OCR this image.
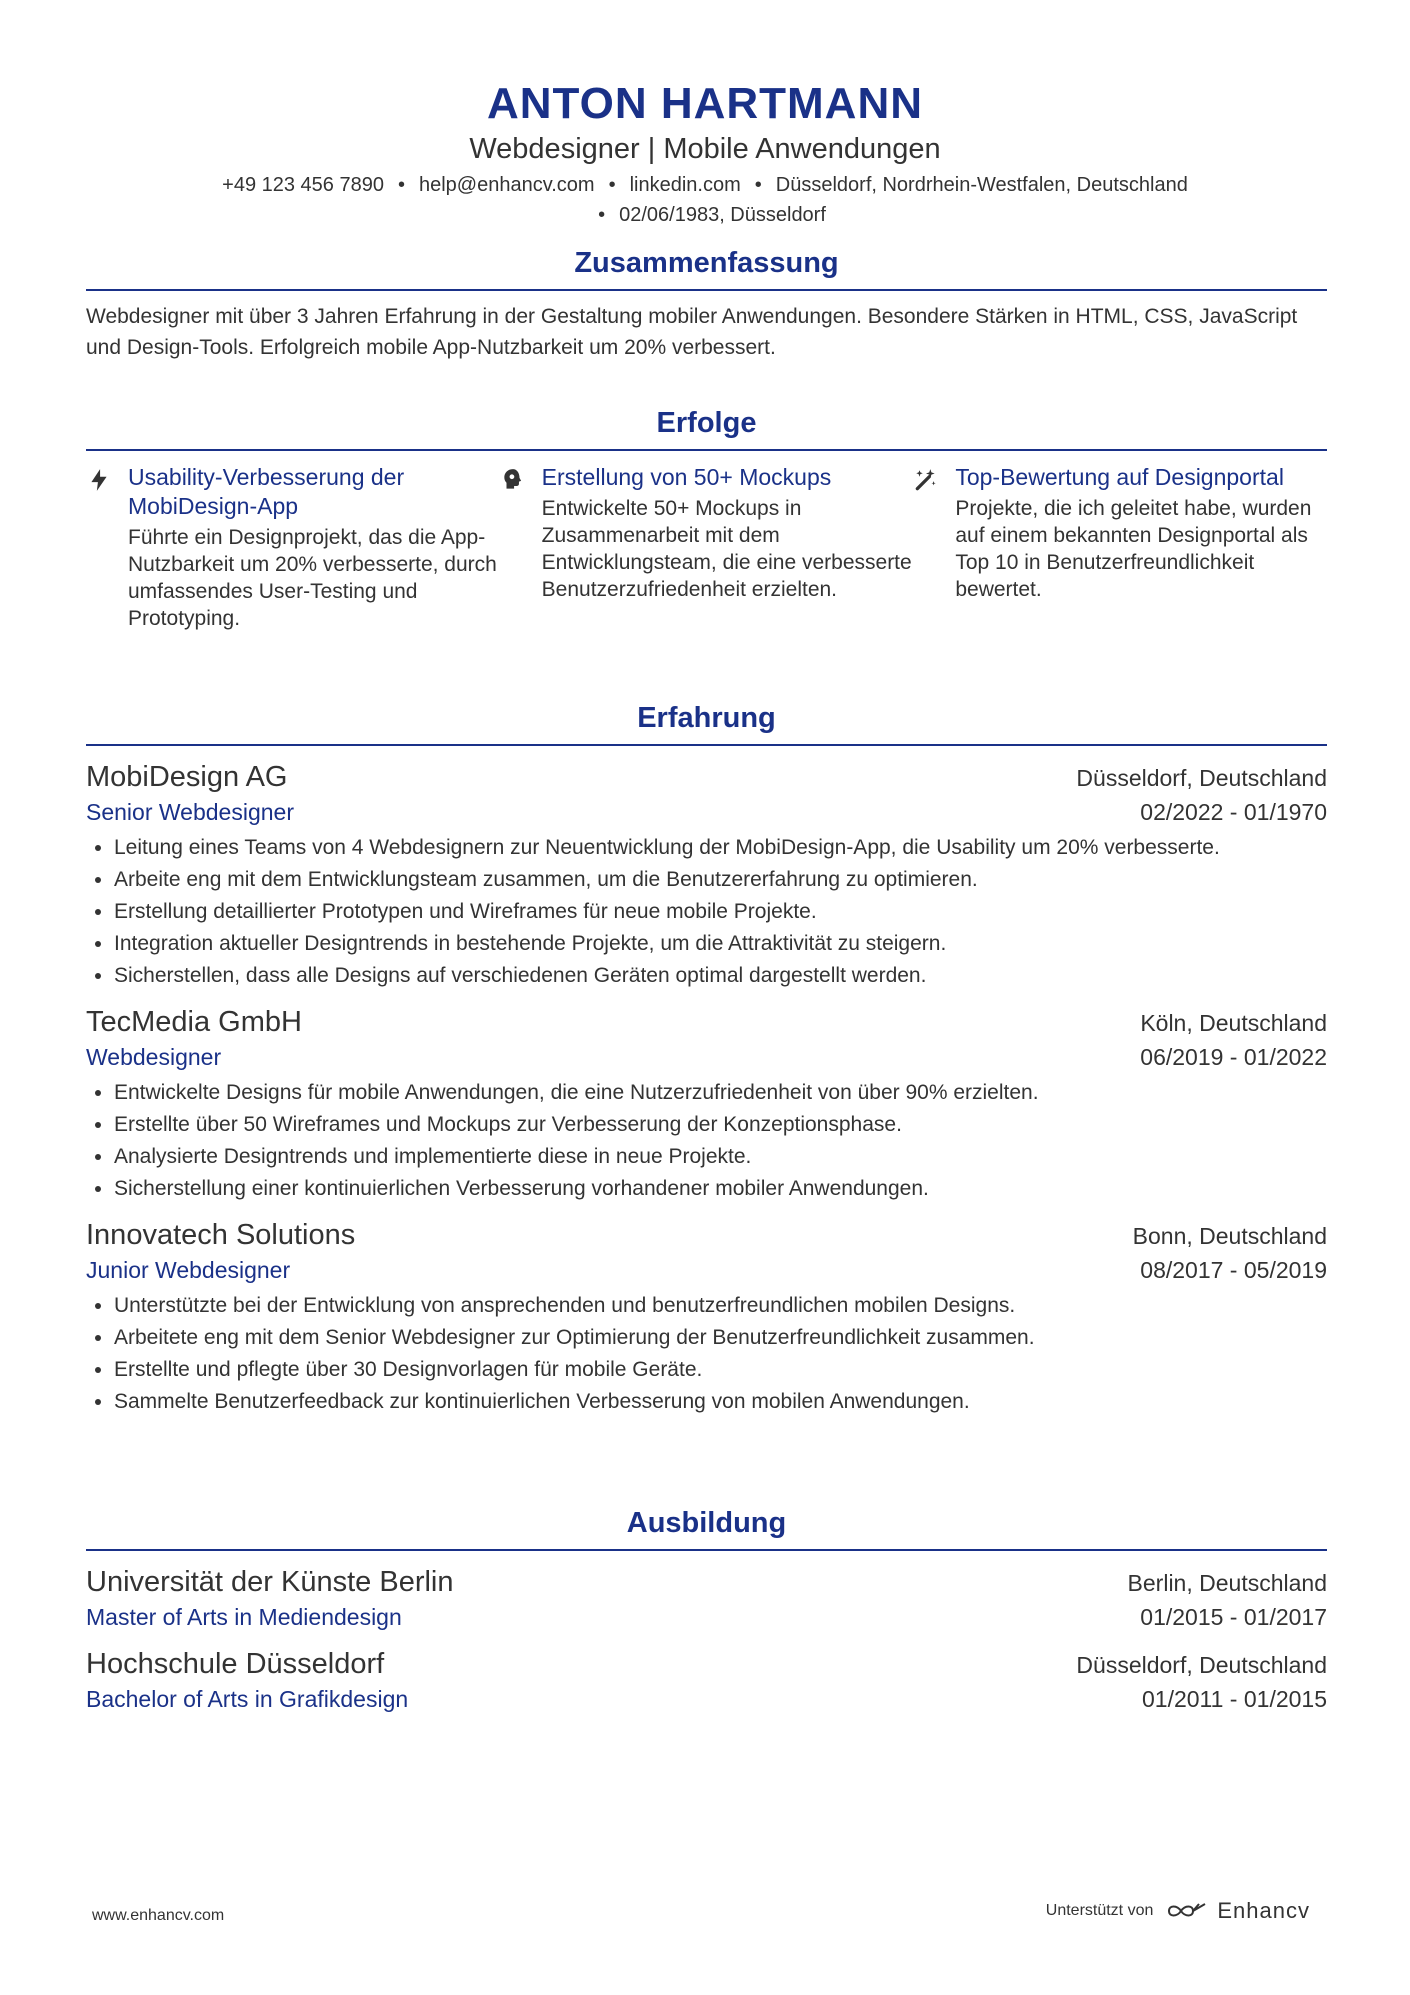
ANTON HARTMANN
Webdesigner | Mobile Anwendungen
+49 123 456 7890 • help@enhancv.com • linkedin.com • Düsseldorf, Nordrhein-Westfalen, Deutschland
• 02/06/1983, Düsseldorf
Zusammenfassung
Webdesigner mit über 3 Jahren Erfahrung in der Gestaltung mobiler Anwendungen. Besondere Stärken in HTML, CSS, JavaScript und Design-Tools. Erfolgreich mobile App-Nutzbarkeit um 20% verbessert.
Erfolge
Usability-Verbesserung der MobiDesign-App
Führte ein Designprojekt, das die App-Nutzbarkeit um 20% verbesserte, durch umfassendes User-Testing und Prototyping.
Erstellung von 50+ Mockups
Entwickelte 50+ Mockups in Zusammenarbeit mit dem Entwicklungsteam, die eine verbesserte Benutzerzufriedenheit erzielten.
Top-Bewertung auf Designportal
Projekte, die ich geleitet habe, wurden auf einem bekannten Designportal als Top 10 in Benutzerfreundlichkeit bewertet.
Erfahrung
MobiDesign AG	Düsseldorf, Deutschland
Senior Webdesigner	02/2022 - 01/1970
• Leitung eines Teams von 4 Webdesignern zur Neuentwicklung der MobiDesign-App, die Usability um 20% verbesserte.
• Arbeite eng mit dem Entwicklungsteam zusammen, um die Benutzererfahrung zu optimieren.
• Erstellung detaillierter Prototypen und Wireframes für neue mobile Projekte.
• Integration aktueller Designtrends in bestehende Projekte, um die Attraktivität zu steigern.
• Sicherstellen, dass alle Designs auf verschiedenen Geräten optimal dargestellt werden.
TecMedia GmbH	Köln, Deutschland
Webdesigner	06/2019 - 01/2022
• Entwickelte Designs für mobile Anwendungen, die eine Nutzerzufriedenheit von über 90% erzielten.
• Erstellte über 50 Wireframes und Mockups zur Verbesserung der Konzeptionsphase.
• Analysierte Designtrends und implementierte diese in neue Projekte.
• Sicherstellung einer kontinuierlichen Verbesserung vorhandener mobiler Anwendungen.
Innovatech Solutions	Bonn, Deutschland
Junior Webdesigner	08/2017 - 05/2019
• Unterstützte bei der Entwicklung von ansprechenden und benutzerfreundlichen mobilen Designs.
• Arbeitete eng mit dem Senior Webdesigner zur Optimierung der Benutzerfreundlichkeit zusammen.
• Erstellte und pflegte über 30 Designvorlagen für mobile Geräte.
• Sammelte Benutzerfeedback zur kontinuierlichen Verbesserung von mobilen Anwendungen.
Ausbildung
Universität der Künste Berlin	Berlin, Deutschland
Master of Arts in Mediendesign	01/2015 - 01/2017
Hochschule Düsseldorf	Düsseldorf, Deutschland
Bachelor of Arts in Grafikdesign	01/2011 - 01/2015
www.enhancv.com	Unterstützt von	Enhancv
